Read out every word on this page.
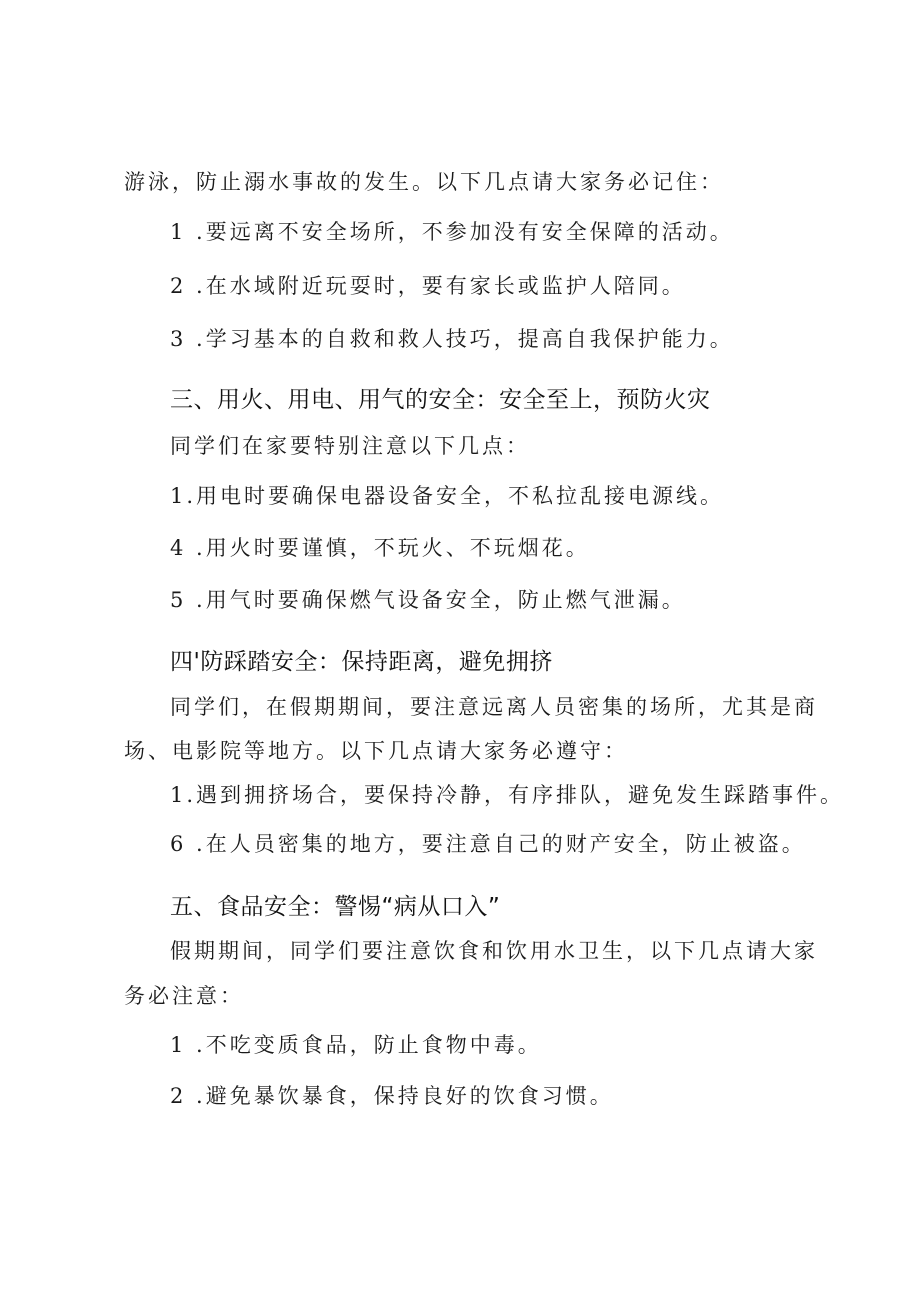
游泳，防止溺水事故的发生。以下几点请大家务必记住：
1 .要远离不安全场所，不参加没有安全保障的活动。
2 .在水域附近玩耍时，要有家长或监护人陪同。
3 .学习基本的自救和救人技巧，提高自我保护能力。
三、用火、用电、用气的安全：安全至上，预防火灾
同学们在家要特别注意以下几点：
1.用电时要确保电器设备安全，不私拉乱接电源线。
4 .用火时要谨慎，不玩火、不玩烟花。
5 .用气时要确保燃气设备安全，防止燃气泄漏。
四'防踩踏安全：保持距离，避免拥挤
同学们，在假期期间，要注意远离人员密集的场所，尤其是商
场、电影院等地方。以下几点请大家务必遵守：
1.遇到拥挤场合，要保持冷静，有序排队，避免发生踩踏事件。
6 .在人员密集的地方，要注意自己的财产安全，防止被盗。
五、食品安全：警惕“病从口入”
假期期间，同学们要注意饮食和饮用水卫生，以下几点请大家
务必注意：
1 .不吃变质食品，防止食物中毒。
2 .避免暴饮暴食，保持良好的饮食习惯。
